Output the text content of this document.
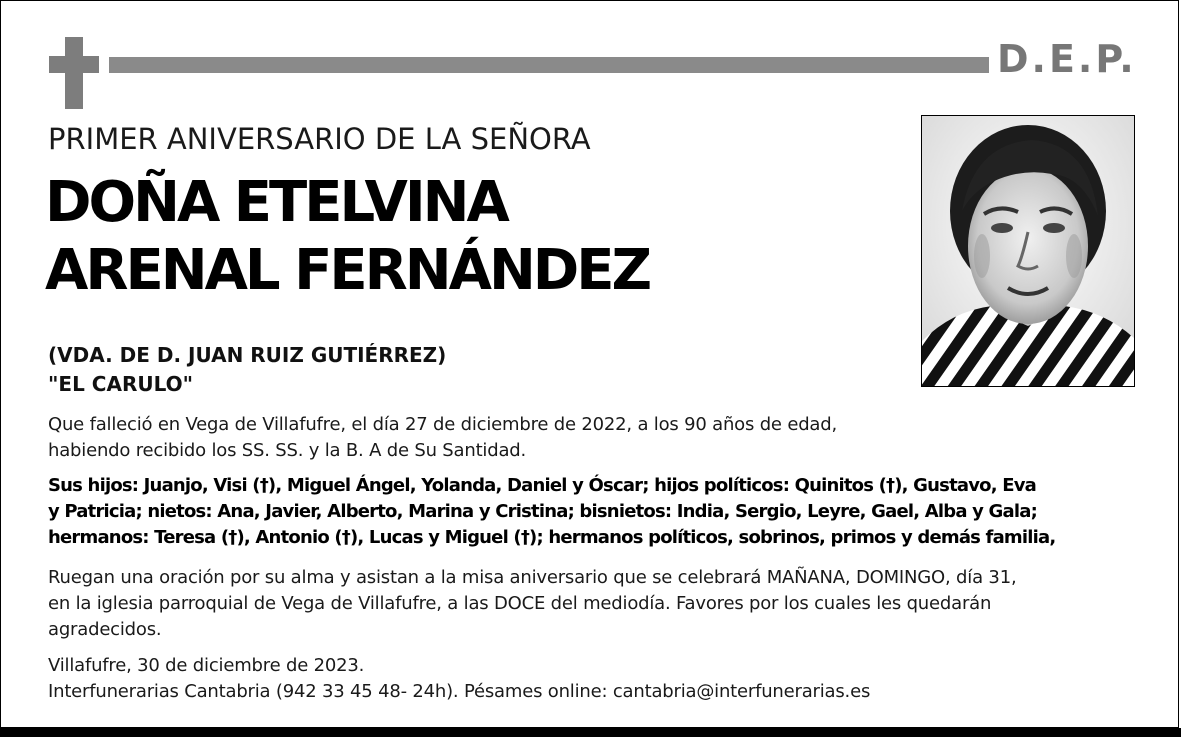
D.E.P.
PRIMER ANIVERSARIO DE LA SEÑORA
DOÑA ETELVINA
ARENAL FERNÁNDEZ
(VDA. DE D. JUAN RUIZ GUTIÉRREZ)
"EL CARULO"
Que falleció en Vega de Villafufre, el día 27 de diciembre de 2022, a los 90 años de edad,
habiendo recibido los SS. SS. y la B. A de Su Santidad.
Sus hijos: Juanjo, Visi (†), Miguel Ángel, Yolanda, Daniel y Óscar; hijos políticos: Quinitos (†), Gustavo, Eva
y Patricia; nietos: Ana, Javier, Alberto, Marina y Cristina; bisnietos: India, Sergio, Leyre, Gael, Alba y Gala;
hermanos: Teresa (†), Antonio (†), Lucas y Miguel (†); hermanos políticos, sobrinos, primos y demás familia,
Ruegan una oración por su alma y asistan a la misa aniversario que se celebrará MAÑANA, DOMINGO, día 31,
en la iglesia parroquial de Vega de Villafufre, a las DOCE del mediodía. Favores por los cuales les quedarán
agradecidos.
Villafufre, 30 de diciembre de 2023.
Interfunerarias Cantabria (942 33 45 48- 24h). Pésames online: cantabria@interfunerarias.es
